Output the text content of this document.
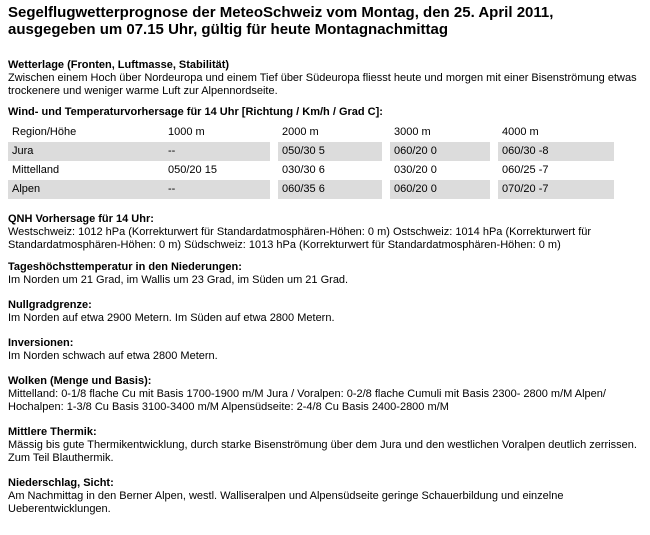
Segelflugwetterprognose der MeteoSchweiz vom Montag, den 25. April 2011, ausgegeben um 07.15 Uhr, gültig für heute Montagnachmittag
Wetterlage (Fronten, Luftmasse, Stabilität)

Zwischen einem Hoch über Nordeuropa und einem Tief über Südeuropa fliesst heute und morgen mit einer Bisenströmung etwas trockenere und weniger warme Luft zur Alpennordseite.

Wind- und Temperaturvorhersage für 14 Uhr [Richtung / Km/h / Grad C]:
Region/Höhe	1000 m		2000 m		3000 m		4000 m
Jura	--		050/30 5		060/20 0		060/30 -8
Mittelland	050/20 15		030/30 6		030/20 0		060/25 -7
Alpen	--		060/35 6		060/20 0		070/20 -7
QNH Vorhersage für 14 Uhr:

Westschweiz: 1012 hPa (Korrekturwert für Standardatmosphären-Höhen: 0 m) Ostschweiz: 1014 hPa (Korrekturwert für Standardatmosphären-Höhen: 0 m) Südschweiz: 1013 hPa (Korrekturwert für Standardatmosphären-Höhen: 0 m)

Tageshöchsttemperatur in den Niederungen:

Im Norden um 21 Grad, im Wallis um 23 Grad, im Süden um 21 Grad.

Nullgradgrenze:

Im Norden auf etwa 2900 Metern. Im Süden auf etwa 2800 Metern.

Inversionen:

Im Norden schwach auf etwa 2800 Metern.

Wolken (Menge und Basis):

Mittelland: 0-1/8 flache Cu mit Basis 1700-1900 m/M Jura / Voralpen: 0-2/8 flache Cumuli mit Basis 2300- 2800 m/M Alpen/ Hochalpen: 1-3/8 Cu Basis 3100-3400 m/M Alpensüdseite: 2-4/8 Cu Basis 2400-2800 m/M

Mittlere Thermik:

Mässig bis gute Thermikentwicklung, durch starke Bisenströmung über dem Jura und den westlichen Voralpen deutlich zerrissen. Zum Teil Blauthermik.

Niederschlag, Sicht:

Am Nachmittag in den Berner Alpen, westl. Walliseralpen und Alpensüdseite geringe Schauerbildung und einzelne Ueberentwicklungen.
